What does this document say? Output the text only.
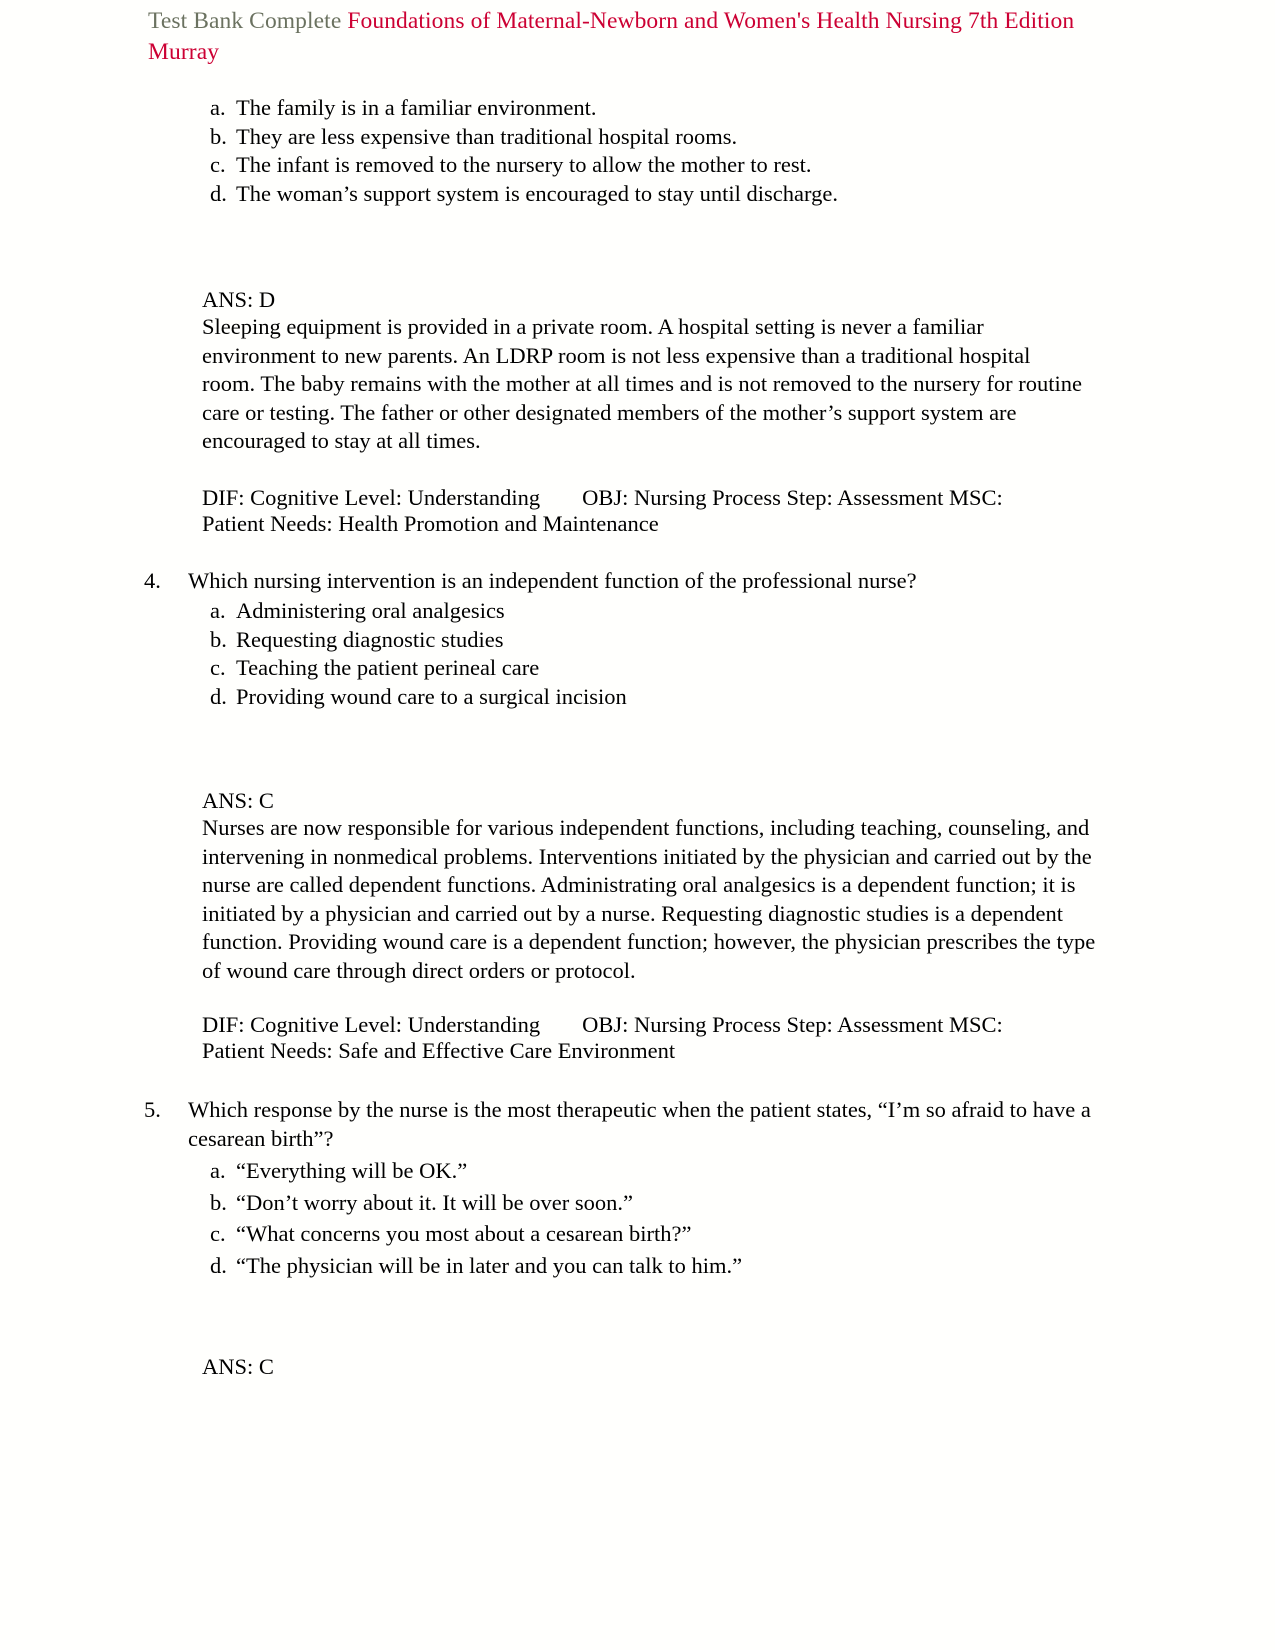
Test Bank Complete Foundations of Maternal-Newborn and Women's Health Nursing 7th Edition Murray
a. The family is in a familiar environment.
b. They are less expensive than traditional hospital rooms.
c. The infant is removed to the nursery to allow the mother to rest.
d. The woman’s support system is encouraged to stay until discharge.
ANS: D
Sleeping equipment is provided in a private room. A hospital setting is never a familiar environment to new parents. An LDRP room is not less expensive than a traditional hospital room. The baby remains with the mother at all times and is not removed to the nursery for routine care or testing. The father or other designated members of the mother’s support system are encouraged to stay at all times.
DIF: Cognitive Level: Understanding OBJ: Nursing Process Step: Assessment MSC:
Patient Needs: Health Promotion and Maintenance
4.	Which nursing intervention is an independent function of the professional nurse?
a. Administering oral analgesics
b. Requesting diagnostic studies
c. Teaching the patient perineal care
d. Providing wound care to a surgical incision
ANS: C
Nurses are now responsible for various independent functions, including teaching, counseling, and intervening in nonmedical problems. Interventions initiated by the physician and carried out by the nurse are called dependent functions. Administrating oral analgesics is a dependent function; it is initiated by a physician and carried out by a nurse. Requesting diagnostic studies is a dependent function. Providing wound care is a dependent function; however, the physician prescribes the type of wound care through direct orders or protocol.
DIF: Cognitive Level: Understanding OBJ: Nursing Process Step: Assessment MSC:
Patient Needs: Safe and Effective Care Environment
5.	Which response by the nurse is the most therapeutic when the patient states, “I’m so afraid to have a cesarean birth”?
a. “Everything will be OK.”
b. “Don’t worry about it. It will be over soon.”
c. “What concerns you most about a cesarean birth?”
d. “The physician will be in later and you can talk to him.”
ANS: C
